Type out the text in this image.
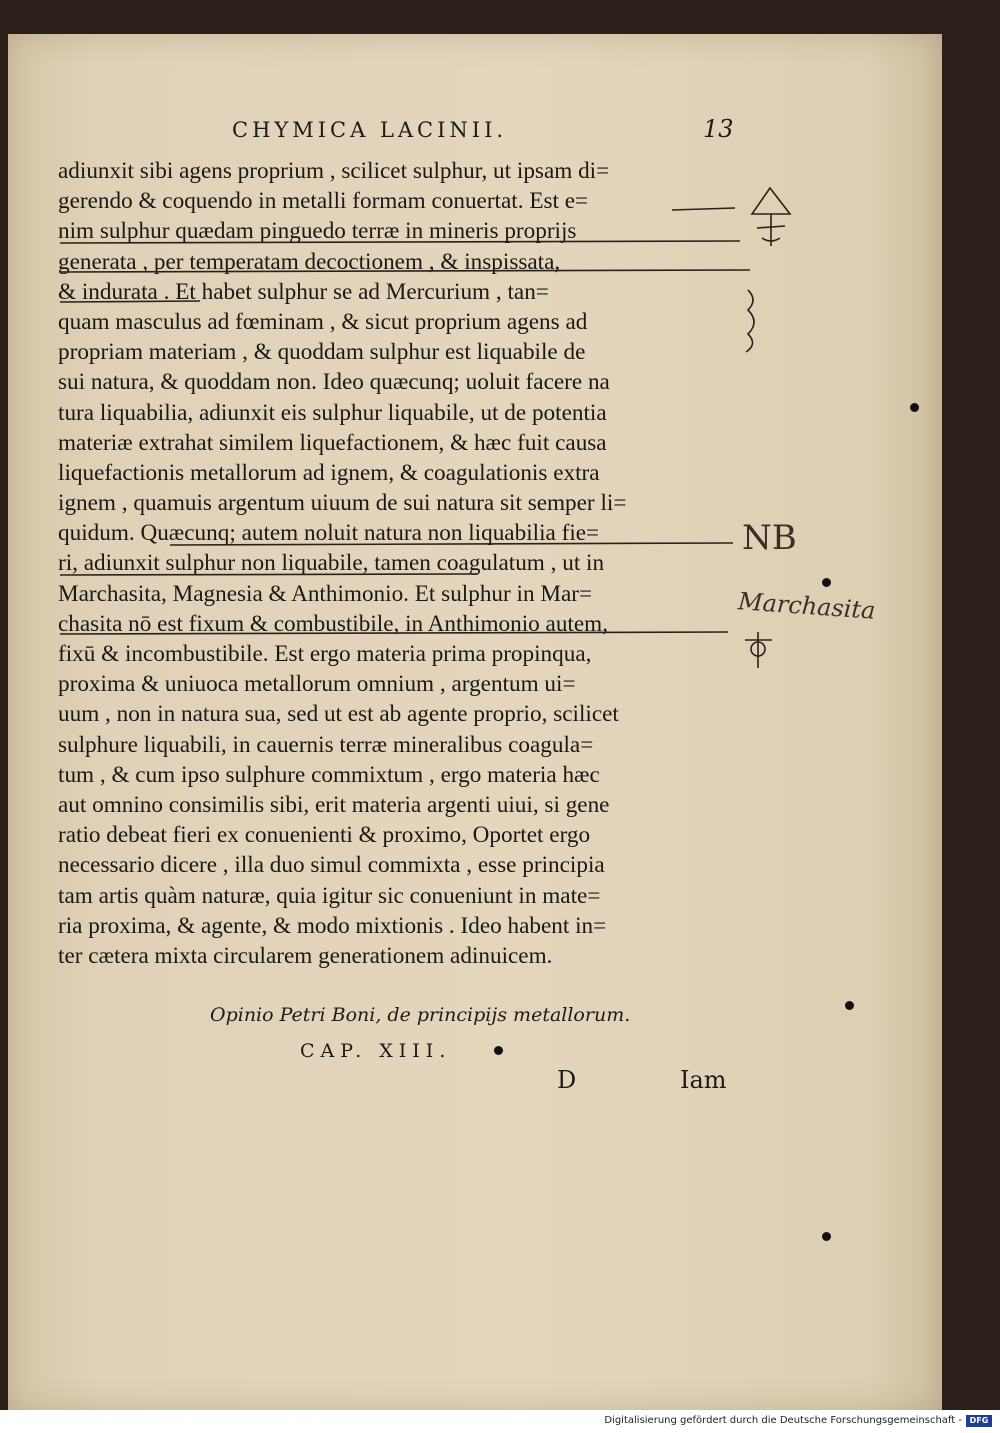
CHYMICA LACINII.	13
adiunxit sibi agens proprium , scilicet sulphur, ut ipsam di=
gerendo & coquendo in metalli formam conuertat. Est e=
nim sulphur quædam pinguedo terræ in mineris proprijs
generata , per temperatam decoctionem , & inspissata,
& indurata . Et habet sulphur se ad Mercurium , tan=
quam masculus ad fœminam , & sicut proprium agens ad
propriam materiam , & quoddam sulphur est liquabile de
sui natura, & quoddam non. Ideo quæcunq; uoluit facere na
tura liquabilia, adiunxit eis sulphur liquabile, ut de potentia
materiæ extrahat similem liquefactionem, & hæc fuit causa
liquefactionis metallorum ad ignem, & coagulationis extra
ignem , quamuis argentum uiuum de sui natura sit semper li=
quidum. Quæcunq; autem noluit natura non liquabilia fie=
ri, adiunxit sulphur non liquabile, tamen coagulatum , ut in
Marchasita, Magnesia & Anthimonio. Et sulphur in Mar=
chasita nō est fixum & combustibile, in Anthimonio autem,
fixū & incombustibile. Est ergo materia prima propinqua,
proxima & uniuoca metallorum omnium , argentum ui=
uum , non in natura sua, sed ut est ab agente proprio, scilicet
sulphure liquabili, in cauernis terræ mineralibus coagula=
tum , & cum ipso sulphure commixtum , ergo materia hæc
aut omnino consimilis sibi, erit materia argenti uiui, si gene
ratio debeat fieri ex conuenienti & proximo, Oportet ergo
necessario dicere , illa duo simul commixta , esse principia
tam artis quàm naturæ, quia igitur sic conueniunt in mate=
ria proxima, & agente, & modo mixtionis . Ideo habent in=
ter cætera mixta circularem generationem adinuicem.
Opinio Petri Boni, de principijs metallorum.
CAP. XIII.
D	Iam
NB
Marchasita
Digitalisierung gefördert durch die Deutsche Forschungsgemeinschaft - DFG
